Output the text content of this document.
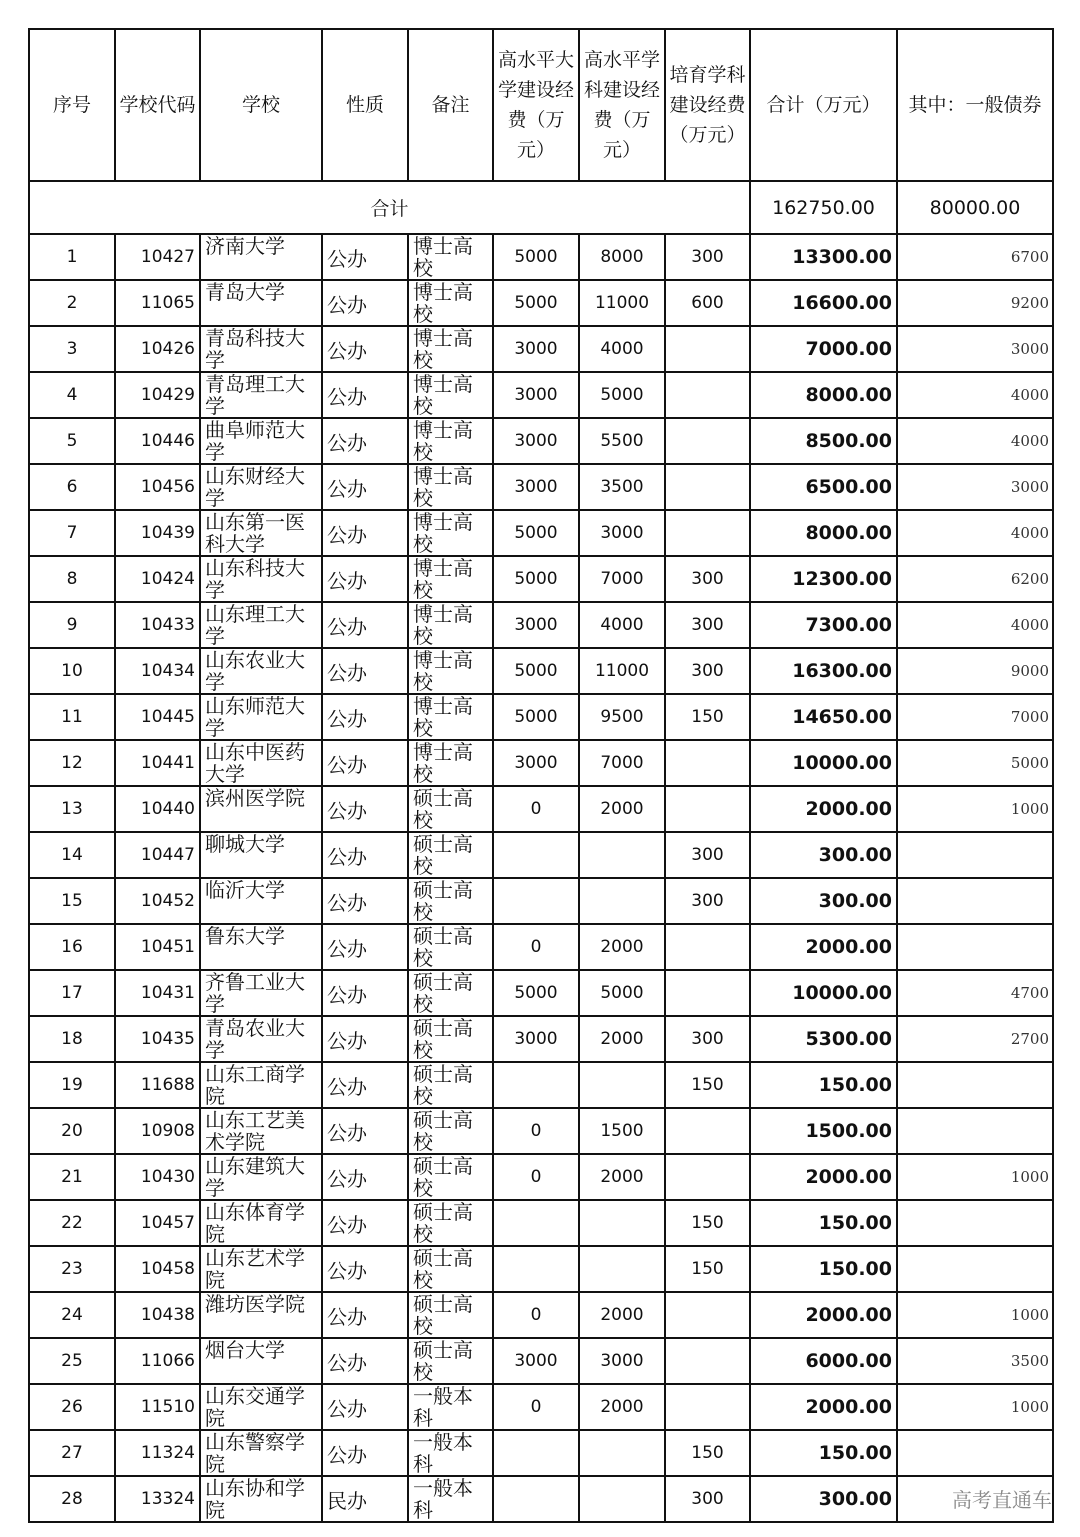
序号	学校代码	学校	性质	备注	高水平大学建设经费（万元）	高水平学科建设经费（万元）	培育学科建设经费（万元）	合计（万元）	其中：一般债券
合计								162750.00	80000.00
1	10427	济南大学	公办	博士高校	5000	8000	300	13300.00	6700
2	11065	青岛大学	公办	博士高校	5000	11000	600	16600.00	9200
3	10426	青岛科技大学	公办	博士高校	3000	4000		7000.00	3000
4	10429	青岛理工大学	公办	博士高校	3000	5000		8000.00	4000
5	10446	曲阜师范大学	公办	博士高校	3000	5500		8500.00	4000
6	10456	山东财经大学	公办	博士高校	3000	3500		6500.00	3000
7	10439	山东第一医科大学	公办	博士高校	5000	3000		8000.00	4000
8	10424	山东科技大学	公办	博士高校	5000	7000	300	12300.00	6200
9	10433	山东理工大学	公办	博士高校	3000	4000	300	7300.00	4000
10	10434	山东农业大学	公办	博士高校	5000	11000	300	16300.00	9000
11	10445	山东师范大学	公办	博士高校	5000	9500	150	14650.00	7000
12	10441	山东中医药大学	公办	博士高校	3000	7000		10000.00	5000
13	10440	滨州医学院	公办	硕士高校	0	2000		2000.00	1000
14	10447	聊城大学	公办	硕士高校			300	300.00	
15	10452	临沂大学	公办	硕士高校			300	300.00	
16	10451	鲁东大学	公办	硕士高校	0	2000		2000.00	
17	10431	齐鲁工业大学	公办	硕士高校	5000	5000		10000.00	4700
18	10435	青岛农业大学	公办	硕士高校	3000	2000	300	5300.00	2700
19	11688	山东工商学院	公办	硕士高校			150	150.00	
20	10908	山东工艺美术学院	公办	硕士高校	0	1500		1500.00	
21	10430	山东建筑大学	公办	硕士高校	0	2000		2000.00	1000
22	10457	山东体育学院	公办	硕士高校			150	150.00	
23	10458	山东艺术学院	公办	硕士高校			150	150.00	
24	10438	潍坊医学院	公办	硕士高校	0	2000		2000.00	1000
25	11066	烟台大学	公办	硕士高校	3000	3000		6000.00	3500
26	11510	山东交通学院	公办	一般本科	0	2000		2000.00	1000
27	11324	山东警察学院	公办	一般本科			150	150.00	
28	13324	山东协和学院	民办	一般本科			300	300.00		高考直通车
